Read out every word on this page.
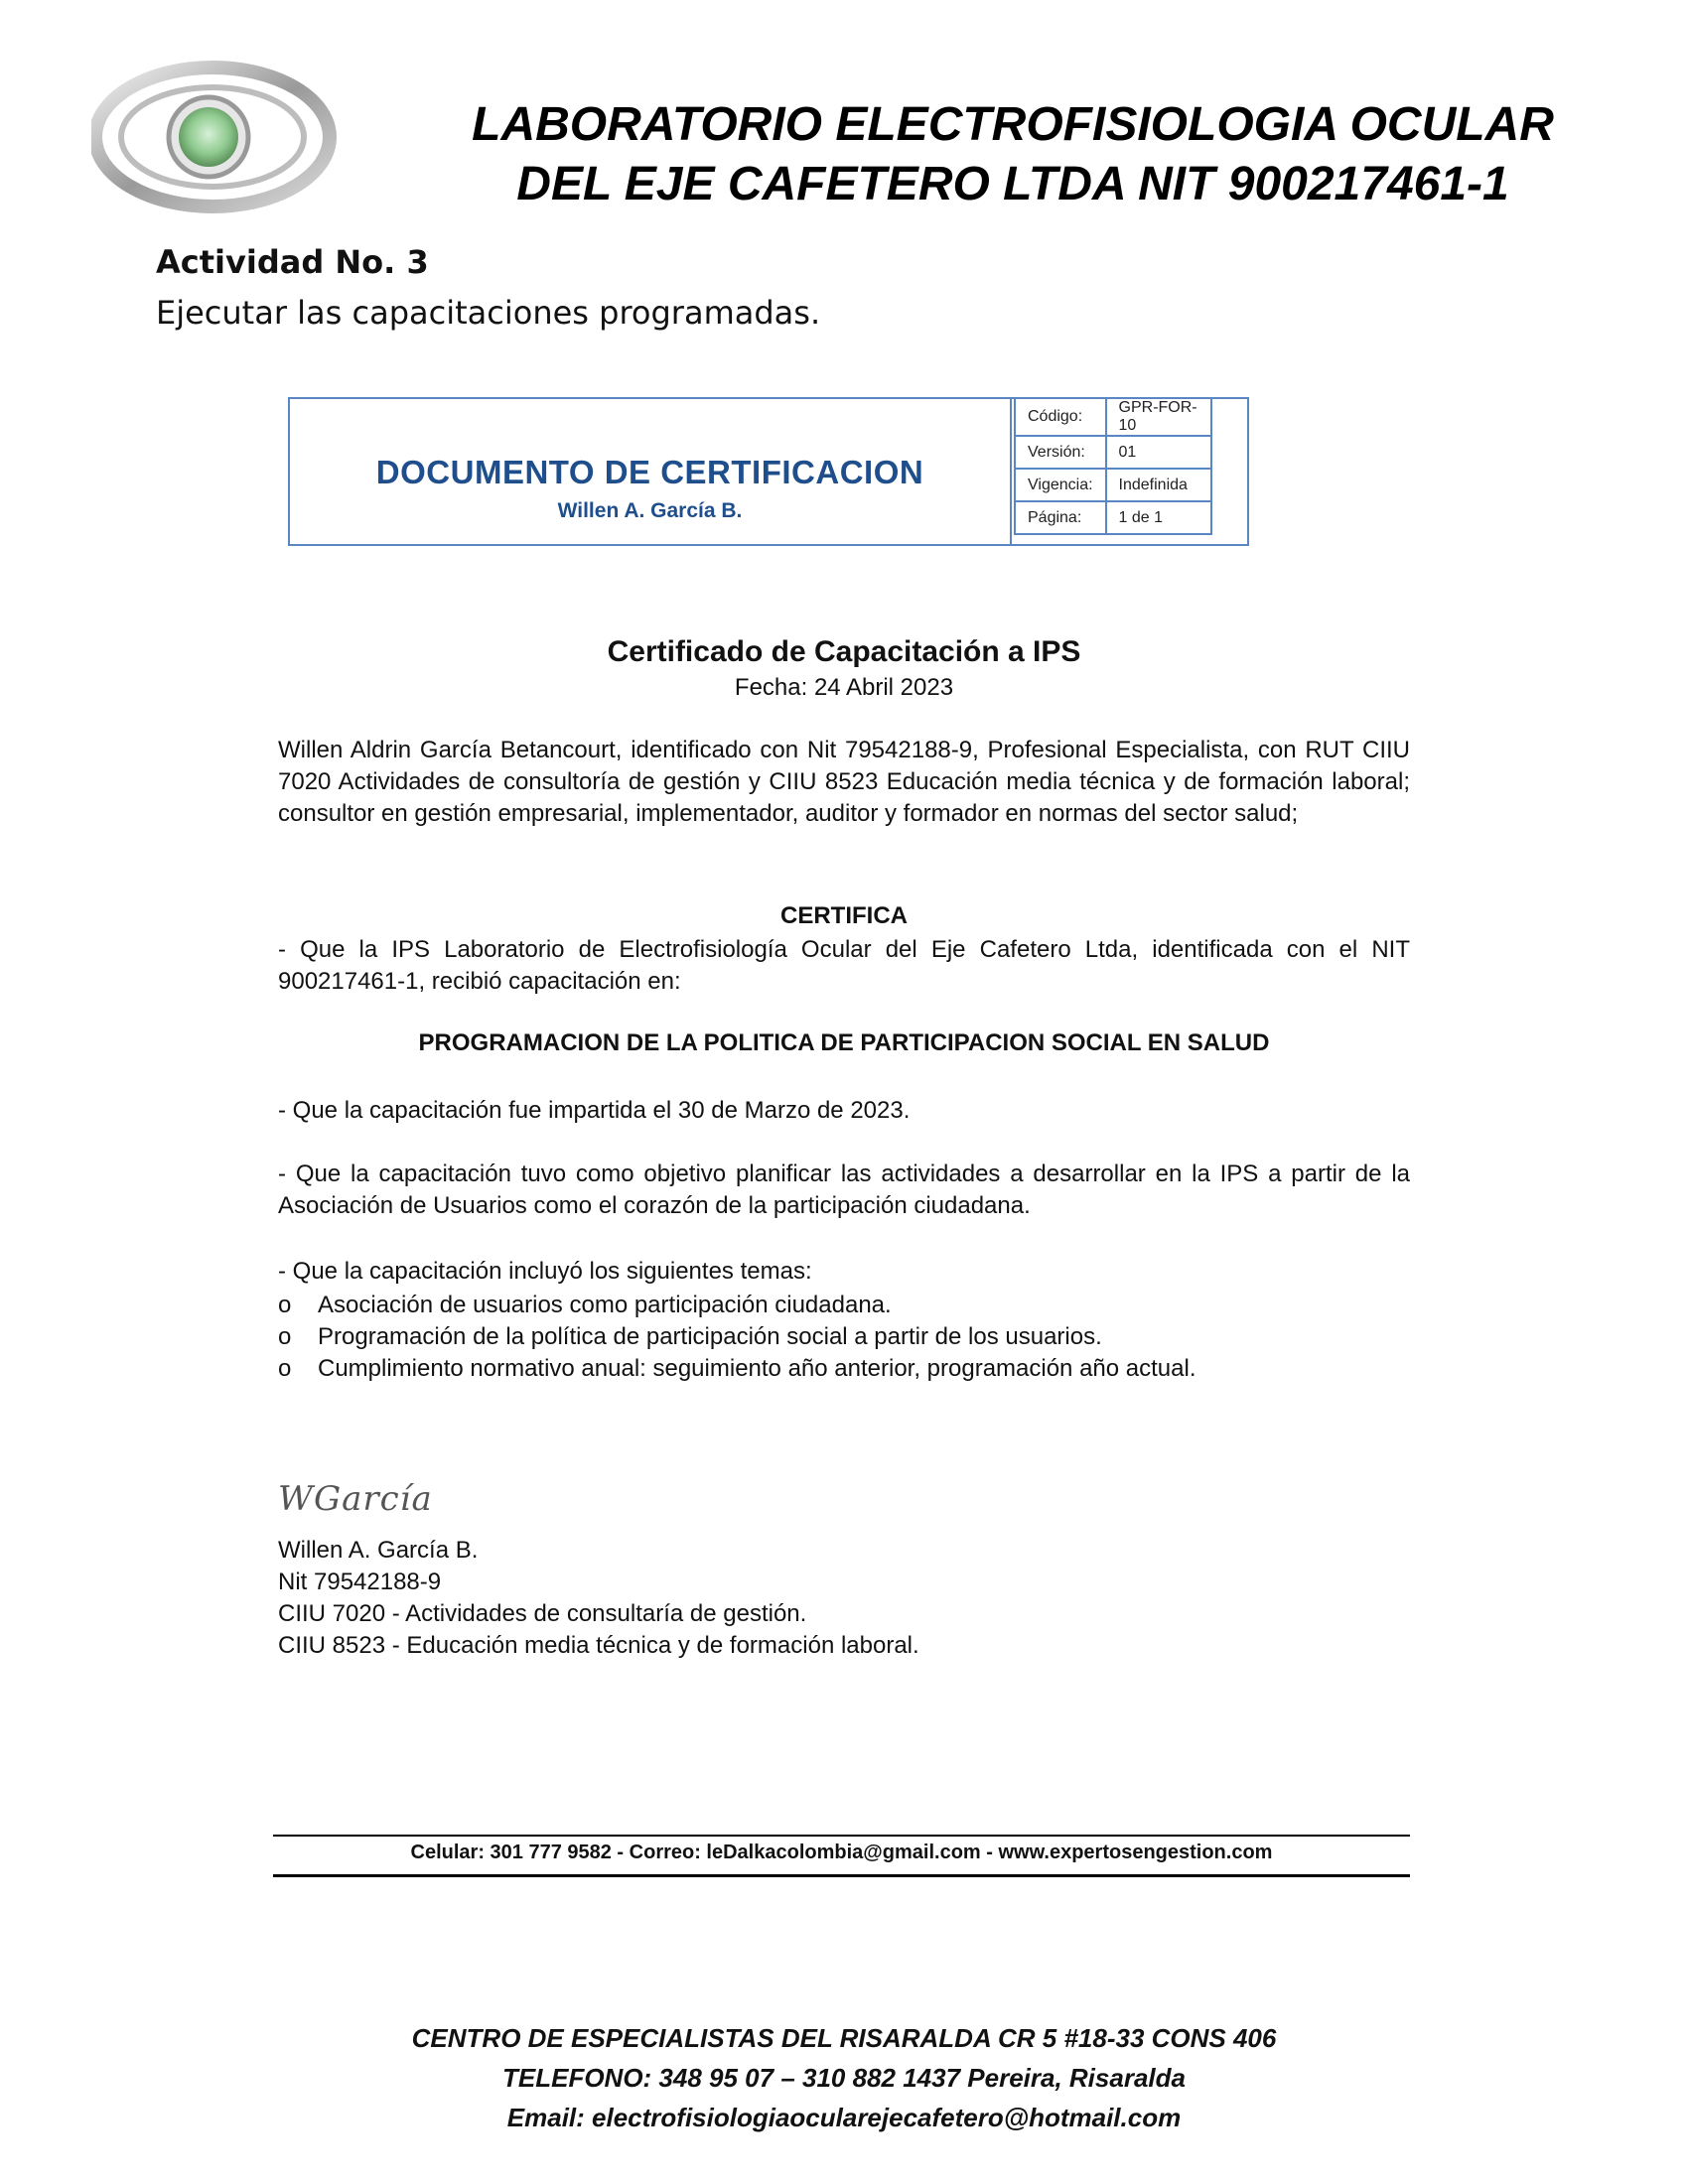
LABORATORIO ELECTROFISIOLOGIA OCULAR
DEL EJE CAFETERO LTDA NIT 900217461-1
Actividad No. 3
Ejecutar las capacitaciones programadas.
DOCUMENTO DE CERTIFICACION
Willen A. García B.
Código:	GPR-FOR-10
Versión:	01
Vigencia:	Indefinida
Página:	1 de 1
Certificado de Capacitación a IPS
Fecha: 24 Abril 2023
Willen Aldrin García Betancourt, identificado con Nit 79542188-9, Profesional Especialista, con RUT CIIU 7020 Actividades de consultoría de gestión y CIIU 8523 Educación media técnica y de formación laboral; consultor en gestión empresarial, implementador, auditor y formador en normas del sector salud;
CERTIFICA
- Que la IPS Laboratorio de Electrofisiología Ocular del Eje Cafetero Ltda, identificada con el NIT 900217461-1, recibió capacitación en:
PROGRAMACION DE LA POLITICA DE PARTICIPACION SOCIAL EN SALUD
- Que la capacitación fue impartida el 30 de Marzo de 2023.
- Que la capacitación tuvo como objetivo planificar las actividades a desarrollar en la IPS a partir de la Asociación de Usuarios como el corazón de la participación ciudadana.
- Que la capacitación incluyó los siguientes temas:
o	Asociación de usuarios como participación ciudadana.
o	Programación de la política de participación social a partir de los usuarios.
o	Cumplimiento normativo anual: seguimiento año anterior, programación año actual.
WGarcía
Willen A. García B.
Nit 79542188-9
CIIU 7020 - Actividades de consultaría de gestión.
CIIU 8523 - Educación media técnica y de formación laboral.
Celular: 301 777 9582 - Correo: leDalkacolombia@gmail.com - www.expertosengestion.com
CENTRO DE ESPECIALISTAS DEL RISARALDA CR 5 #18-33 CONS 406
TELEFONO: 348 95 07 – 310 882 1437 Pereira, Risaralda
Email: electrofisiologiaocularejecafetero@hotmail.com
